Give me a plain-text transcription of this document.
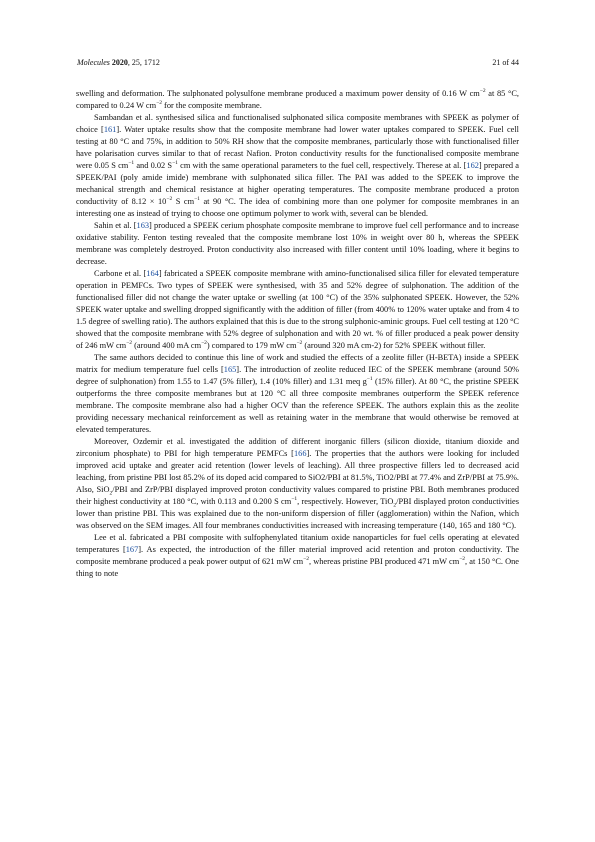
Molecules 2020, 25, 1712	21 of 44

swelling and deformation. The sulphonated polysulfone membrane produced a maximum power density of 0.16 W $cm^{-2}$ at 85 °C, compared to 0.24 W $cm^{-2}$ for the composite membrane.

Sambandan et al. synthesised silica and functionalised sulphonated silica composite membranes with SPEEK as polymer of choice [161]. Water uptake results show that the composite membrane had lower water uptakes compared to SPEEK. Fuel cell testing at 80 °C and 75%, in addition to 50% RH show that the composite membranes, particularly those with functionalised filler have polarisation curves similar to that of recast Nafion. Proton conductivity results for the functionalised composite membrane were 0.05 S $cm^{-1}$ and 0.02 $S^{-1}$ cm with the same operational parameters to the fuel cell, respectively. Therese at al. [162] prepared a SPEEK/PAI (poly amide imide) membrane with sulphonated silica filler. The PAI was added to the SPEEK to improve the mechanical strength and chemical resistance at higher operating temperatures. The composite membrane produced a proton conductivity of $8.12 \times 10^{-2}$ S $cm^{-1}$ at 90 °C. The idea of combining more than one polymer for composite membranes in an interesting one as instead of trying to choose one optimum polymer to work with, several can be blended.

Sahin et al. [163] produced a SPEEK cerium phosphate composite membrane to improve fuel cell performance and to increase oxidative stability. Fenton testing revealed that the composite membrane lost 10% in weight over 80 h, whereas the SPEEK membrane was completely destroyed. Proton conductivity also increased with filler content until 10% loading, where it begins to decrease.

Carbone et al. [164] fabricated a SPEEK composite membrane with amino-functionalised silica filler for elevated temperature operation in PEMFCs. Two types of SPEEK were synthesised, with 35 and 52% degree of sulphonation. The addition of the functionalised filler did not change the water uptake or swelling (at 100 °C) of the 35% sulphonated SPEEK. However, the 52% SPEEK water uptake and swelling dropped significantly with the addition of filler (from 400% to 120% water uptake and from 4 to 1.5 degree of swelling ratio). The authors explained that this is due to the strong sulphonic-aminic groups. Fuel cell testing at 120 °C showed that the composite membrane with 52% degree of sulphonation and with 20 wt. % of filler produced a peak power density of 246 mW $cm^{-2}$ (around 400 mA $cm^{-2}$) compared to 179 mW $cm^{-2}$ (around 320 mA cm-2) for 52% SPEEK without filler.

The same authors decided to continue this line of work and studied the effects of a zeolite filler (H-BETA) inside a SPEEK matrix for medium temperature fuel cells [165]. The introduction of zeolite reduced IEC of the SPEEK membrane (around 50% degree of sulphonation) from 1.55 to 1.47 (5% filler), 1.4 (10% filler) and 1.31 meq $g^{-1}$ (15% filler). At 80 °C, the pristine SPEEK outperforms the three composite membranes but at 120 °C all three composite membranes outperform the SPEEK reference membrane. The composite membrane also had a higher OCV than the reference SPEEK. The authors explain this as the zeolite providing necessary mechanical reinforcement as well as retaining water in the membrane that would otherwise be removed at elevated temperatures.

Moreover, Ozdemir et al. investigated the addition of different inorganic fillers (silicon dioxide, titanium dioxide and zirconium phosphate) to PBI for high temperature PEMFCs [166]. The properties that the authors were looking for included improved acid uptake and greater acid retention (lower levels of leaching). All three prospective fillers led to decreased acid leaching, from pristine PBI lost 85.2% of its doped acid compared to SiO2/PBI at 81.5%, TiO2/PBI at 77.4% and ZrP/PBI at 75.9%. Also, SiO$_2$/PBI and ZrP/PBI displayed improved proton conductivity values compared to pristine PBI. Both membranes produced their highest conductivity at 180 °C, with 0.113 and 0.200 S $cm^{-1}$, respectively. However, TiO$_2$/PBI displayed proton conductivities lower than pristine PBI. This was explained due to the non-uniform dispersion of filler (agglomeration) within the Nafion, which was observed on the SEM images. All four membranes conductivities increased with increasing temperature (140, 165 and 180 °C).

Lee et al. fabricated a PBI composite with sulfophenylated titanium oxide nanoparticles for fuel cells operating at elevated temperatures [167]. As expected, the introduction of the filler material improved acid retention and proton conductivity. The composite membrane produced a peak power output of 621 mW $cm^{-2}$, whereas pristine PBI produced 471 mW $cm^{-2}$, at 150 °C. One thing to note
